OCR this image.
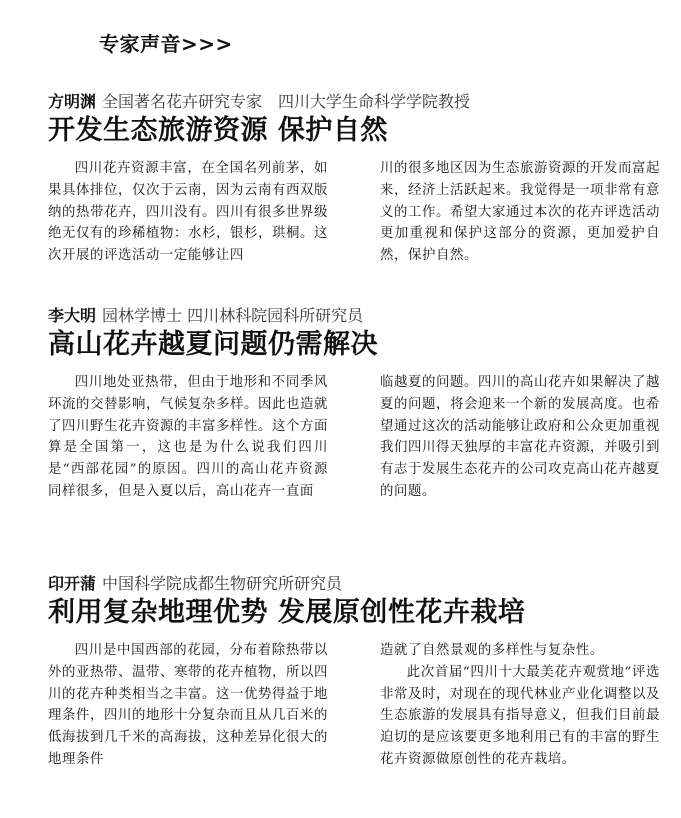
专家声音>>>
方明渊 全国著名花卉研究专家　四川大学生命科学学院教授
开发生态旅游资源 保护自然

四川花卉资源丰富，在全国名列前茅，如果具体排位，仅次于云南，因为云南有西双版纳的热带花卉，四川没有。四川有很多世界级绝无仅有的珍稀植物：水杉，银杉，珙桐。这次开展的评选活动一定能够让四

川的很多地区因为生态旅游资源的开发而富起来，经济上活跃起来。我觉得是一项非常有意义的工作。希望大家通过本次的花卉评选活动更加重视和保护这部分的资源，更加爱护自然，保护自然。

李大明 园林学博士 四川林科院园科所研究员
高山花卉越夏问题仍需解决

四川地处亚热带，但由于地形和不同季风环流的交替影响，气候复杂多样。因此也造就了四川野生花卉资源的丰富多样性。这个方面算是全国第一，这也是为什么说我们四川是“西部花园”的原因。四川的高山花卉资源同样很多，但是入夏以后，高山花卉一直面

临越夏的问题。四川的高山花卉如果解决了越夏的问题，将会迎来一个新的发展高度。也希望通过这次的活动能够让政府和公众更加重视我们四川得天独厚的丰富花卉资源，并吸引到有志于发展生态花卉的公司攻克高山花卉越夏的问题。

印开蒲 中国科学院成都生物研究所研究员
利用复杂地理优势 发展原创性花卉栽培

四川是中国西部的花园，分布着除热带以外的亚热带、温带、寒带的花卉植物，所以四川的花卉种类相当之丰富。这一优势得益于地理条件，四川的地形十分复杂而且从几百米的低海拔到几千米的高海拔，这种差异化很大的地理条件

造就了自然景观的多样性与复杂性。

此次首届“四川十大最美花卉观赏地”评选非常及时，对现在的现代林业产业化调整以及生态旅游的发展具有指导意义，但我们目前最迫切的是应该要更多地利用已有的丰富的野生花卉资源做原创性的花卉栽培。
